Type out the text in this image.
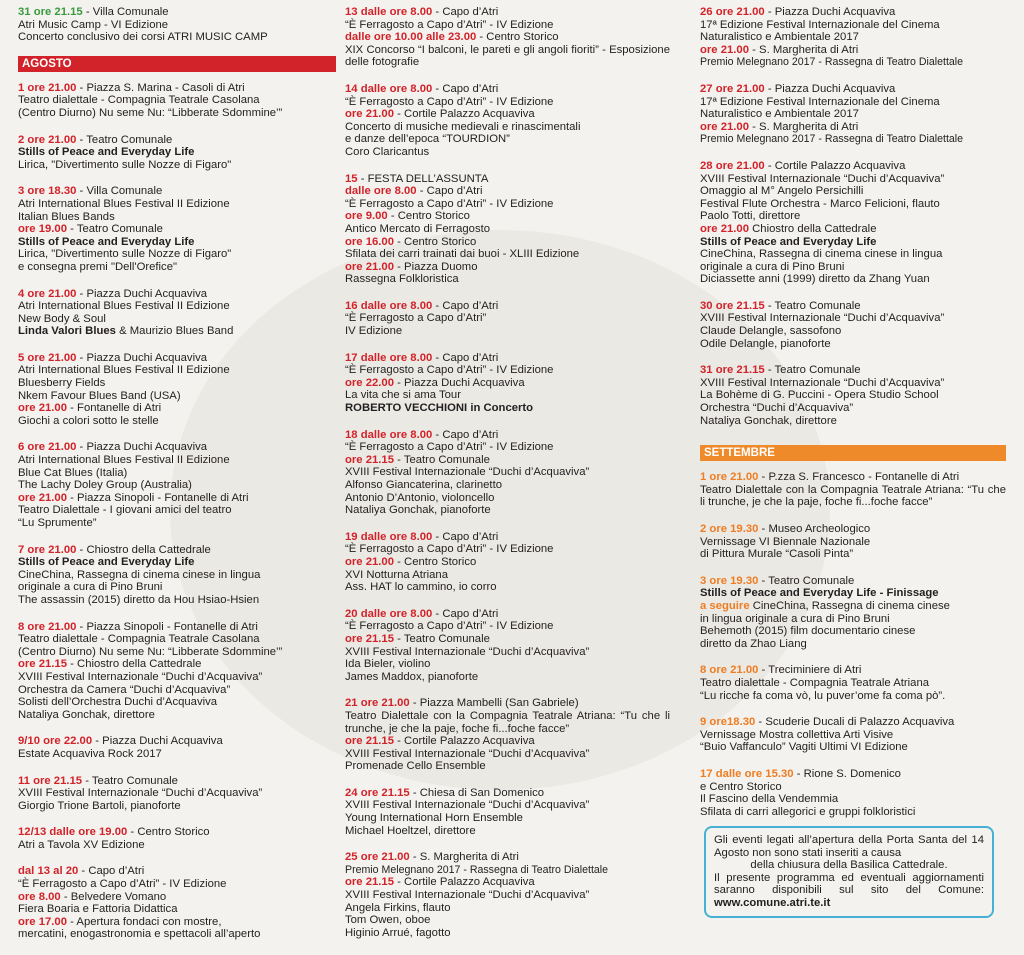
31 ore 21.15 - Villa Comunale
Atri Music Camp - VI Edizione
Concerto conclusivo dei corsi ATRI MUSIC CAMP
AGOSTO
1 ore 21.00 - Piazza S. Marina - Casoli di Atri
Teatro dialettale - Compagnia Teatrale Casolana
(Centro Diurno) Nu seme Nu: “Libberate Sdommine’”
2 ore 21.00 - Teatro Comunale
Stills of Peace and Everyday Life
Lirica, "Divertimento sulle Nozze di Figaro"
3 ore 18.30 - Villa Comunale
Atri International Blues Festival II Edizione
Italian Blues Bands
ore 19.00 - Teatro Comunale
Stills of Peace and Everyday Life
Lirica, "Divertimento sulle Nozze di Figaro"
e consegna premi "Dell'Orefice"
4 ore 21.00 - Piazza Duchi Acquaviva
Atri International Blues Festival II Edizione
New Body & Soul
Linda Valori Blues & Maurizio Blues Band
5 ore 21.00 - Piazza Duchi Acquaviva
Atri International Blues Festival II Edizione
Bluesberry Fields
Nkem Favour Blues Band (USA)
ore 21.00 - Fontanelle di Atri
Giochi a colori sotto le stelle
6 ore 21.00 - Piazza Duchi Acquaviva
Atri International Blues Festival II Edizione
Blue Cat Blues (Italia)
The Lachy Doley Group (Australia)
ore 21.00 - Piazza Sinopoli - Fontanelle di Atri
Teatro Dialettale - I giovani amici del teatro
“Lu Sprumente”
7 ore 21.00 - Chiostro della Cattedrale
Stills of Peace and Everyday Life
CineChina, Rassegna di cinema cinese in lingua
originale a cura di Pino Bruni
The assassin (2015) diretto da Hou Hsiao-Hsien
8 ore 21.00 - Piazza Sinopoli - Fontanelle di Atri
Teatro dialettale - Compagnia Teatrale Casolana
(Centro Diurno) Nu seme Nu: “Libberate Sdommine’”
ore 21.15 - Chiostro della Cattedrale
XVIII Festival Internazionale “Duchi d’Acquaviva”
Orchestra da Camera “Duchi d’Acquaviva”
Solisti dell’Orchestra Duchi d’Acquaviva
Nataliya Gonchak, direttore
9/10 ore 22.00 - Piazza Duchi Acquaviva
Estate Acquaviva Rock 2017
11 ore 21.15 - Teatro Comunale
XVIII Festival Internazionale “Duchi d’Acquaviva”
Giorgio Trione Bartoli, pianoforte
12/13 dalle ore 19.00 - Centro Storico
Atri a Tavola XV Edizione
dal 13 al 20 - Capo d’Atri
“È Ferragosto a Capo d’Atri” - IV Edizione
ore 8.00 - Belvedere Vomano
Fiera Boaria e Fattoria Didattica
ore 17.00 - Apertura fondaci con mostre,
mercatini, enogastronomia e spettacoli all’aperto
13 dalle ore 8.00 - Capo d’Atri
“È Ferragosto a Capo d’Atri” - IV Edizione
dalle ore 10.00 alle 23.00 - Centro Storico
XIX Concorso “I balconi, le pareti e gli angoli fioriti” - Esposizione delle fotografie
14 dalle ore 8.00 - Capo d’Atri
“È Ferragosto a Capo d’Atri” - IV Edizione
ore 21.00 - Cortile Palazzo Acquaviva
Concerto di musiche medievali e rinascimentali
e danze dell’epoca “TOURDION”
Coro Claricantus
15 - FESTA DELL’ASSUNTA
dalle ore 8.00 - Capo d’Atri
“È Ferragosto a Capo d’Atri” - IV Edizione
ore 9.00 - Centro Storico
Antico Mercato di Ferragosto
ore 16.00 - Centro Storico
Sfilata dei carri trainati dai buoi - XLIII Edizione
ore 21.00 - Piazza Duomo
Rassegna Folkloristica
16 dalle ore 8.00 - Capo d’Atri
“È Ferragosto a Capo d’Atri”
IV Edizione
17 dalle ore 8.00 - Capo d’Atri
“È Ferragosto a Capo d’Atri” - IV Edizione
ore 22.00 - Piazza Duchi Acquaviva
La vita che si ama Tour
ROBERTO VECCHIONI in Concerto
18 dalle ore 8.00 - Capo d’Atri
“È Ferragosto a Capo d’Atri” - IV Edizione
ore 21.15 - Teatro Comunale
XVIII Festival Internazionale “Duchi d’Acquaviva”
Alfonso Giancaterina, clarinetto
Antonio D’Antonio, violoncello
Nataliya Gonchak, pianoforte
19 dalle ore 8.00 - Capo d’Atri
“È Ferragosto a Capo d’Atri” - IV Edizione
ore 21.00 - Centro Storico
XVI Notturna Atriana
Ass. HAT lo cammino, io corro
20 dalle ore 8.00 - Capo d’Atri
“È Ferragosto a Capo d’Atri” - IV Edizione
ore 21.15 - Teatro Comunale
XVIII Festival Internazionale “Duchi d’Acquaviva”
Ida Bieler, violino
James Maddox, pianoforte
21 ore 21.00 - Piazza Mambelli (San Gabriele)
Teatro Dialettale con la Compagnia Teatrale Atriana: “Tu che li trunche, je che la paje, foche fi...foche facce”
ore 21.15 - Cortile Palazzo Acquaviva
XVIII Festival Internazionale “Duchi d’Acquaviva”
Promenade Cello Ensemble
24 ore 21.15 - Chiesa di San Domenico
XVIII Festival Internazionale “Duchi d’Acquaviva”
Young International Horn Ensemble
Michael Hoeltzel, direttore
25 ore 21.00 - S. Margherita di Atri
Premio Melegnano 2017 - Rassegna di Teatro Dialettale
ore 21.15 - Cortile Palazzo Acquaviva
XVIII Festival Internazionale “Duchi d’Acquaviva”
Angela Firkins, flauto
Tom Owen, oboe
Higinio Arrué, fagotto
26 ore 21.00 - Piazza Duchi Acquaviva
17ª Edizione Festival Internazionale del Cinema
Naturalistico e Ambientale 2017
ore 21.00 - S. Margherita di Atri
Premio Melegnano 2017 - Rassegna di Teatro Dialettale
27 ore 21.00 - Piazza Duchi Acquaviva
17ª Edizione Festival Internazionale del Cinema
Naturalistico e Ambientale 2017
ore 21.00 - S. Margherita di Atri
Premio Melegnano 2017 - Rassegna di Teatro Dialettale
28 ore 21.00 - Cortile Palazzo Acquaviva
XVIII Festival Internazionale “Duchi d’Acquaviva”
Omaggio al M° Angelo Persichilli
Festival Flute Orchestra - Marco Felicioni, flauto
Paolo Totti, direttore
ore 21.00 Chiostro della Cattedrale
Stills of Peace and Everyday Life
CineChina, Rassegna di cinema cinese in lingua
originale a cura di Pino Bruni
Diciassette anni (1999) diretto da Zhang Yuan
30 ore 21.15 - Teatro Comunale
XVIII Festival Internazionale “Duchi d’Acquaviva”
Claude Delangle, sassofono
Odile Delangle, pianoforte
31 ore 21.15 - Teatro Comunale
XVIII Festival Internazionale “Duchi d’Acquaviva”
La Bohème di G. Puccini - Opera Studio School
Orchestra “Duchi d’Acquaviva”
Nataliya Gonchak, direttore
SETTEMBRE
1 ore 21.00 - P.zza S. Francesco - Fontanelle di Atri
Teatro Dialettale con la Compagnia Teatrale Atriana: “Tu che li trunche, je che la paje, foche fi...foche facce”
2 ore 19.30 - Museo Archeologico
Vernissage VI Biennale Nazionale
di Pittura Murale “Casoli Pinta”
3 ore 19.30 - Teatro Comunale
Stills of Peace and Everyday Life - Finissage
a seguire CineChina, Rassegna di cinema cinese
in lingua originale a cura di Pino Bruni
Behemoth (2015) film documentario cinese
diretto da Zhao Liang
8 ore 21.00 - Treciminiere di Atri
Teatro dialettale - Compagnia Teatrale Atriana
“Lu ricche fa coma vò, lu puver’ome fa coma pò”.
9 ore18.30 - Scuderie Ducali di Palazzo Acquaviva
Vernissage Mostra collettiva Arti Visive
“Buio Vaffanculo” Vagiti Ultimi VI Edizione
17 dalle ore 15.30 - Rione S. Domenico
e Centro Storico
Il Fascino della Vendemmia
Sfilata di carri allegorici e gruppi folkloristici
Gli eventi legati all’apertura della Porta Santa del 14 Agosto non sono stati inseriti a causa
della chiusura della Basilica Cattedrale.
Il presente programma ed eventuali aggiornamenti saranno disponibili sul sito del Comune: www.comune.atri.te.it
